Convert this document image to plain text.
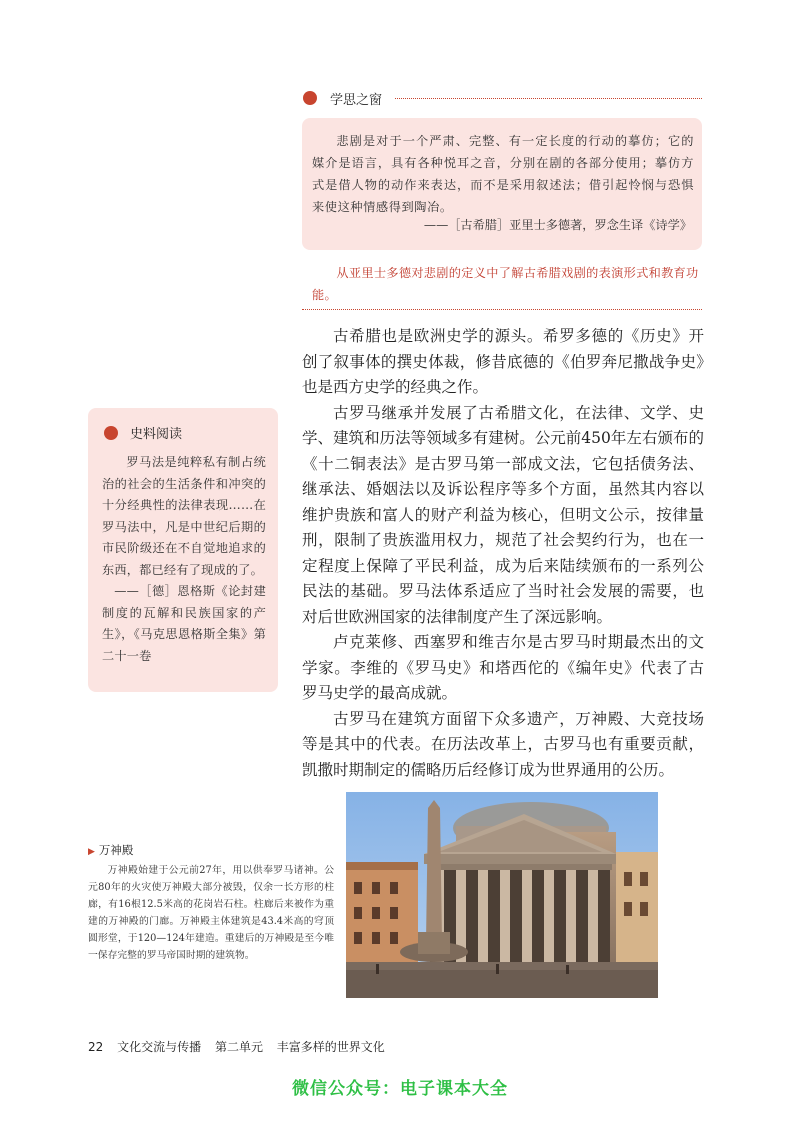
学思之窗
悲剧是对于一个严肃、完整、有一定长度的行动的摹仿；它的媒介是语言，具有各种悦耳之音，分别在剧的各部分使用；摹仿方式是借人物的动作来表达，而不是采用叙述法；借引起怜悯与恐惧来使这种情感得到陶冶。
——［古希腊］亚里士多德著，罗念生译《诗学》
从亚里士多德对悲剧的定义中了解古希腊戏剧的表演形式和教育功能。

古希腊也是欧洲史学的源头。希罗多德的《历史》开创了叙事体的撰史体裁，修昔底德的《伯罗奔尼撒战争史》也是西方史学的经典之作。

古罗马继承并发展了古希腊文化，在法律、文学、史学、建筑和历法等领域多有建树。公元前450年左右颁布的《十二铜表法》是古罗马第一部成文法，它包括债务法、继承法、婚姻法以及诉讼程序等多个方面，虽然其内容以维护贵族和富人的财产利益为核心，但明文公示，按律量刑，限制了贵族滥用权力，规范了社会契约行为，也在一定程度上保障了平民利益，成为后来陆续颁布的一系列公民法的基础。罗马法体系适应了当时社会发展的需要，也对后世欧洲国家的法律制度产生了深远影响。

卢克莱修、西塞罗和维吉尔是古罗马时期最杰出的文学家。李维的《罗马史》和塔西佗的《编年史》代表了古罗马史学的最高成就。

古罗马在建筑方面留下众多遗产，万神殿、大竞技场等是其中的代表。在历法改革上，古罗马也有重要贡献，凯撒时期制定的儒略历后经修订成为世界通用的公历。

史料阅读
罗马法是纯粹私有制占统治的社会的生活条件和冲突的十分经典性的法律表现……在罗马法中，凡是中世纪后期的市民阶级还在不自觉地追求的东西，都已经有了现成的了。
——［德］恩格斯《论封建制度的瓦解和民族国家的产生》，《马克思恩格斯全集》第二十一卷
▶ 万神殿
万神殿始建于公元前27年，用以供奉罗马诸神。公元80年的火灾使万神殿大部分被毁，仅余一长方形的柱廊，有16根12.5米高的花岗岩石柱。柱廊后来被作为重建的万神殿的门廊。万神殿主体建筑是43.4米高的穹顶圆形堂，于120—124年建造。重建后的万神殿是至今唯一保存完整的罗马帝国时期的建筑物。
22 文化交流与传播 第二单元 丰富多样的世界文化
微信公众号：电子课本大全
